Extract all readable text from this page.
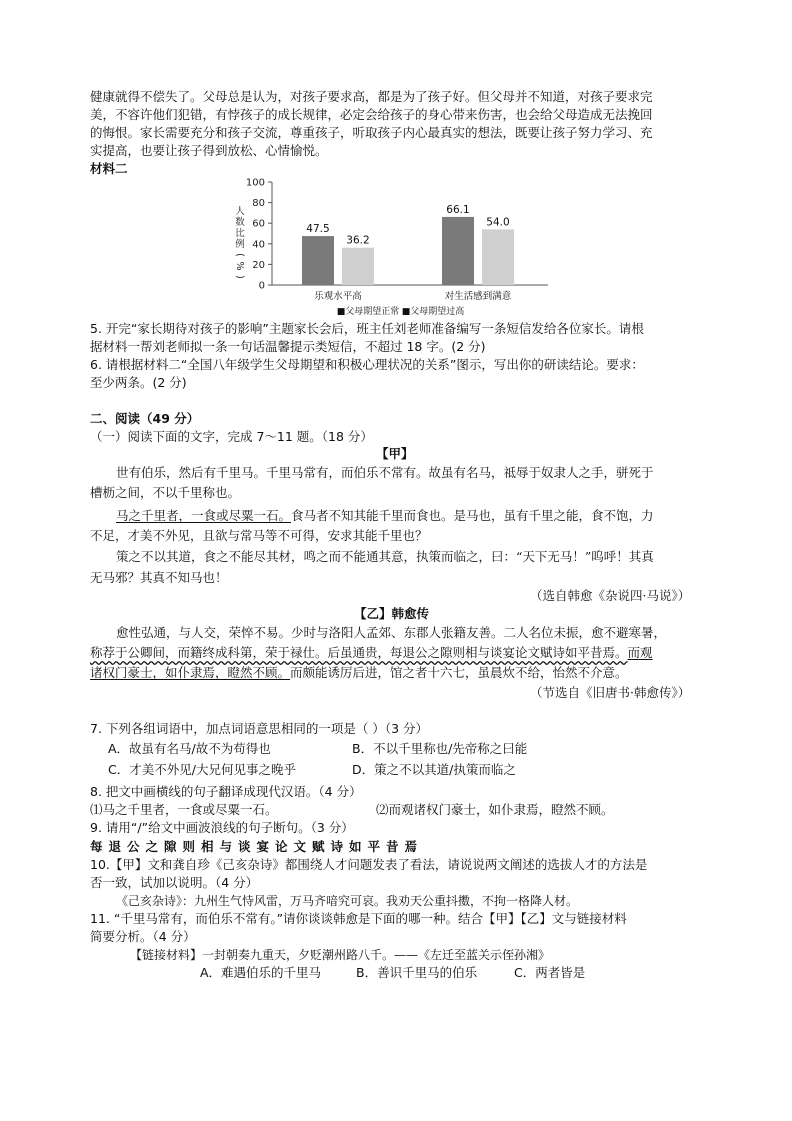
健康就得不偿失了。父母总是认为，对孩子要求高，都是为了孩子好。但父母并不知道，对孩子要求完
美，不容许他们犯错，有悖孩子的成长规律，必定会给孩子的身心带来伤害，也会给父母造成无法挽回
的悔恨。家长需要充分和孩子交流，尊重孩子，听取孩子内心最真实的想法，既要让孩子努力学习、充
实提高，也要让孩子得到放松、心情愉悦。
材料二
0
20
40
60
80
100
人
数
比
例
(
%
)
47.5
36.2
乐观水平高
66.1
54.0
对生活感到满意
■父母期望正常 ■父母期望过高
5. 开完“家长期待对孩子的影响”主题家长会后，班主任刘老师准备编写一条短信发给各位家长。请根
据材料一帮刘老师拟一条一句话温馨提示类短信，不超过 18 字。(2 分)
6. 请根据材料二“全国八年级学生父母期望和积极心理状况的关系”图示，写出你的研读结论。要求：
至少两条。(2 分)
二、阅读（49 分）
（一）阅读下面的文字，完成 7～11 题。（18 分）
【甲】
世有伯乐，然后有千里马。千里马常有，而伯乐不常有。故虽有名马，祗辱于奴隶人之手，骈死于
槽枥之间，不以千里称也。
马之千里者，一食或尽粟一石。食马者不知其能千里而食也。是马也，虽有千里之能，食不饱，力
不足，才美不外见，且欲与常马等不可得，安求其能千里也？
策之不以其道，食之不能尽其材，鸣之而不能通其意，执策而临之，曰：“天下无马！”呜呼！其真
无马邪？其真不知马也！
（选自韩愈《杂说四·马说》）
【乙】韩愈传
愈性弘通，与人交，荣悴不易。少时与洛阳人孟郊、东郡人张籍友善。二人名位未振，愈不避寒暑，
称荐于公卿间，而籍终成科第，荣于禄仕。后虽通贵，每退公之隙则相与谈宴论文赋诗如平昔焉。而观
诸权门豪士，如仆隶焉，瞪然不顾。而颇能诱厉后进，馆之者十六七，虽晨炊不给，怡然不介意。
（节选自《旧唐书·韩愈传》）
7. 下列各组词语中，加点词语意思相同的一项是（ ）（3 分）
A．故虽有名马/故不为苟得也	B．不以千里称也/先帝称之曰能
C．才美不外见/大兄何见事之晚乎	D．策之不以其道/执策而临之
8. 把文中画横线的句子翻译成现代汉语。（4 分）
⑴马之千里者，一食或尽粟一石。	⑵而观诸权门豪士，如仆隶焉，瞪然不顾。
9. 请用“/”给文中画波浪线的句子断句。（3 分）
每退公之隙则相与谈宴论文赋诗如平昔焉
10.【甲】文和龚自珍《己亥杂诗》都围绕人才问题发表了看法，请说说两文阐述的选拔人才的方法是
否一致，试加以说明。（4 分）
《己亥杂诗》：九州生气恃风雷，万马齐喑究可哀。我劝天公重抖擞，不拘一格降人材。
11. “千里马常有，而伯乐不常有。”请你谈谈韩愈是下面的哪一种。结合【甲】【乙】文与链接材料
简要分析。（4 分）
【链接材料】一封朝奏九重天，夕贬潮州路八千。——《左迁至蓝关示侄孙湘》
A．难遇伯乐的千里马	B．善识千里马的伯乐	C．两者皆是
